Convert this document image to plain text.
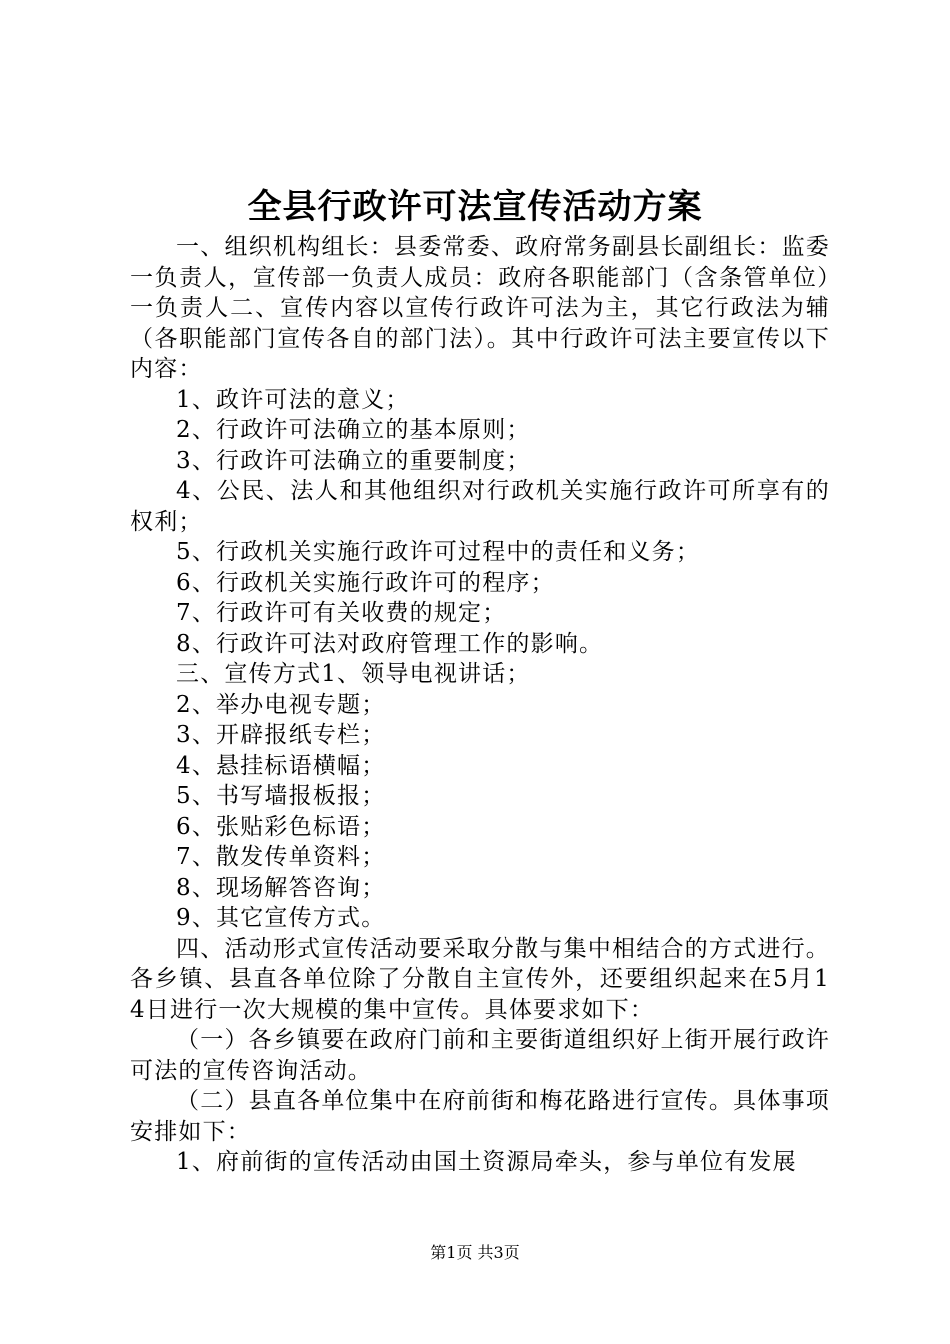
全县行政许可法宣传活动方案

一、组织机构组长：县委常委、政府常务副县长副组长：监委一负责人，宣传部一负责人成员：政府各职能部门（含条管单位）一负责人二、宣传内容以宣传行政许可法为主，其它行政法为辅（各职能部门宣传各自的部门法）。其中行政许可法主要宣传以下内容：

1、政许可法的意义；

2、行政许可法确立的基本原则；

3、行政许可法确立的重要制度；

4、公民、法人和其他组织对行政机关实施行政许可所享有的权利；

5、行政机关实施行政许可过程中的责任和义务；

6、行政机关实施行政许可的程序；

7、行政许可有关收费的规定；

8、行政许可法对政府管理工作的影响。

三、宣传方式1、领导电视讲话；

2、举办电视专题；

3、开辟报纸专栏；

4、悬挂标语横幅；

5、书写墙报板报；

6、张贴彩色标语；

7、散发传单资料；

8、现场解答咨询；

9、其它宣传方式。

四、活动形式宣传活动要采取分散与集中相结合的方式进行。各乡镇、县直各单位除了分散自主宣传外，还要组织起来在5月14日进行一次大规模的集中宣传。具体要求如下：

（一）各乡镇要在政府门前和主要街道组织好上街开展行政许可法的宣传咨询活动。

（二）县直各单位集中在府前街和梅花路进行宣传。具体事项安排如下：

1、府前街的宣传活动由国土资源局牵头，参与单位有发展

第1页 共3页
